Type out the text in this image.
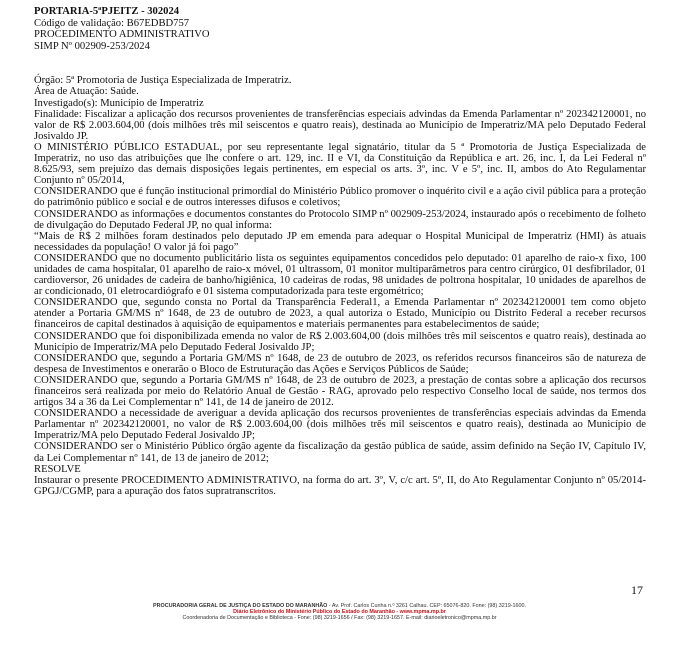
PORTARIA-5ªPJEITZ - 302024
Código de validação: B67EDBD757
PROCEDIMENTO ADMINISTRATIVO
SIMP Nº 002909-253/2024

Órgão: 5ª Promotoria de Justiça Especializada de Imperatriz.

Área de Atuação: Saúde.

Investigado(s): Município de Imperatriz

Finalidade: Fiscalizar a aplicação dos recursos provenientes de transferências especiais advindas da Emenda Parlamentar nº 202342120001, no valor de R$ 2.003.604,00 (dois milhões três mil seiscentos e quatro reais), destinada ao Município de Imperatriz/MA pelo Deputado Federal Josivaldo JP.

O MINISTÉRIO PÚBLICO ESTADUAL, por seu representante legal signatário, titular da 5 ª Promotoria de Justiça Especializada de Imperatriz, no uso das atribuições que lhe confere o art. 129, inc. II e VI, da Constituição da República e art. 26, inc. I, da Lei Federal nº 8.625/93, sem prejuízo das demais disposições legais pertinentes, em especial os arts. 3º, inc. V e 5º, inc. II, ambos do Ato Regulamentar Conjunto nº 05/2014,

CONSIDERANDO que é função institucional primordial do Ministério Público promover o inquérito civil e a ação civil pública para a proteção do patrimônio público e social e de outros interesses difusos e coletivos;

CONSIDERANDO as informações e documentos constantes do Protocolo SIMP nº 002909-253/2024, instaurado após o recebimento de folheto de divulgação do Deputado Federal JP, no qual informa:

“Mais de R$ 2 milhões foram destinados pelo deputado JP em emenda para adequar o Hospital Municipal de Imperatriz (HMI) às atuais necessidades da população! O valor já foi pago”

CONSIDERANDO que no documento publicitário lista os seguintes equipamentos concedidos pelo deputado: 01 aparelho de raio-x fixo, 100 unidades de cama hospitalar, 01 aparelho de raio-x móvel, 01 ultrassom, 01 monitor multiparâmetros para centro cirúrgico, 01 desfibrilador, 01 cardioversor, 26 unidades de cadeira de banho/higiênica, 10 cadeiras de rodas, 98 unidades de poltrona hospitalar, 10 unidades de aparelhos de ar condicionado, 01 eletrocardiógrafo e 01 sistema computadorizada para teste ergométrico;

CONSIDERANDO que, segundo consta no Portal da Transparência Federal1, a Emenda Parlamentar nº 202342120001 tem como objeto atender a Portaria GM/MS nº 1648, de 23 de outubro de 2023, a qual autoriza o Estado, Município ou Distrito Federal a receber recursos financeiros de capital destinados à aquisição de equipamentos e materiais permanentes para estabelecimentos de saúde;

CONSIDERANDO que foi disponibilizada emenda no valor de R$ 2.003.604,00 (dois milhões três mil seiscentos e quatro reais), destinada ao Município de Imperatriz/MA pelo Deputado Federal Josivaldo JP;

CONSIDERANDO que, segundo a Portaria GM/MS nº 1648, de 23 de outubro de 2023, os referidos recursos financeiros são de natureza de despesa de Investimentos e onerarão o Bloco de Estruturação das Ações e Serviços Públicos de Saúde;

CONSIDERANDO que, segundo a Portaria GM/MS nº 1648, de 23 de outubro de 2023, a prestação de contas sobre a aplicação dos recursos financeiros será realizada por meio do Relatório Anual de Gestão - RAG, aprovado pelo respectivo Conselho local de saúde, nos termos dos artigos 34 a 36 da Lei Complementar nº 141, de 14 de janeiro de 2012.

CONSIDERANDO a necessidade de averiguar a devida aplicação dos recursos provenientes de transferências especiais advindas da Emenda Parlamentar nº 202342120001, no valor de R$ 2.003.604,00 (dois milhões três mil seiscentos e quatro reais), destinada ao Município de Imperatriz/MA pelo Deputado Federal Josivaldo JP;

CONSIDERANDO ser o Ministério Público órgão agente da fiscalização da gestão pública de saúde, assim definido na Seção IV, Capítulo IV, da Lei Complementar nº 141, de 13 de janeiro de 2012;

RESOLVE

Instaurar o presente PROCEDIMENTO ADMINISTRATIVO, na forma do art. 3º, V, c/c art. 5º, II, do Ato Regulamentar Conjunto nº 05/2014-GPGJ/CGMP, para a apuração dos fatos supratranscritos.

17
PROCURADORIA GERAL DE JUSTIÇA DO ESTADO DO MARANHÃO - Av. Prof. Carlos Cunha n.º 3261 Calhau. CEP: 65076-820. Fone: (98) 3219-1600.
Diário Eletrônico do Ministério Público do Estado do Maranhão - www.mpma.mp.br
Coordenadoria de Documentação e Biblioteca - Fone: (98) 3219-1656 / Fax: (98) 3219-1657. E-mail: diarioeletronico@mpma.mp.br
